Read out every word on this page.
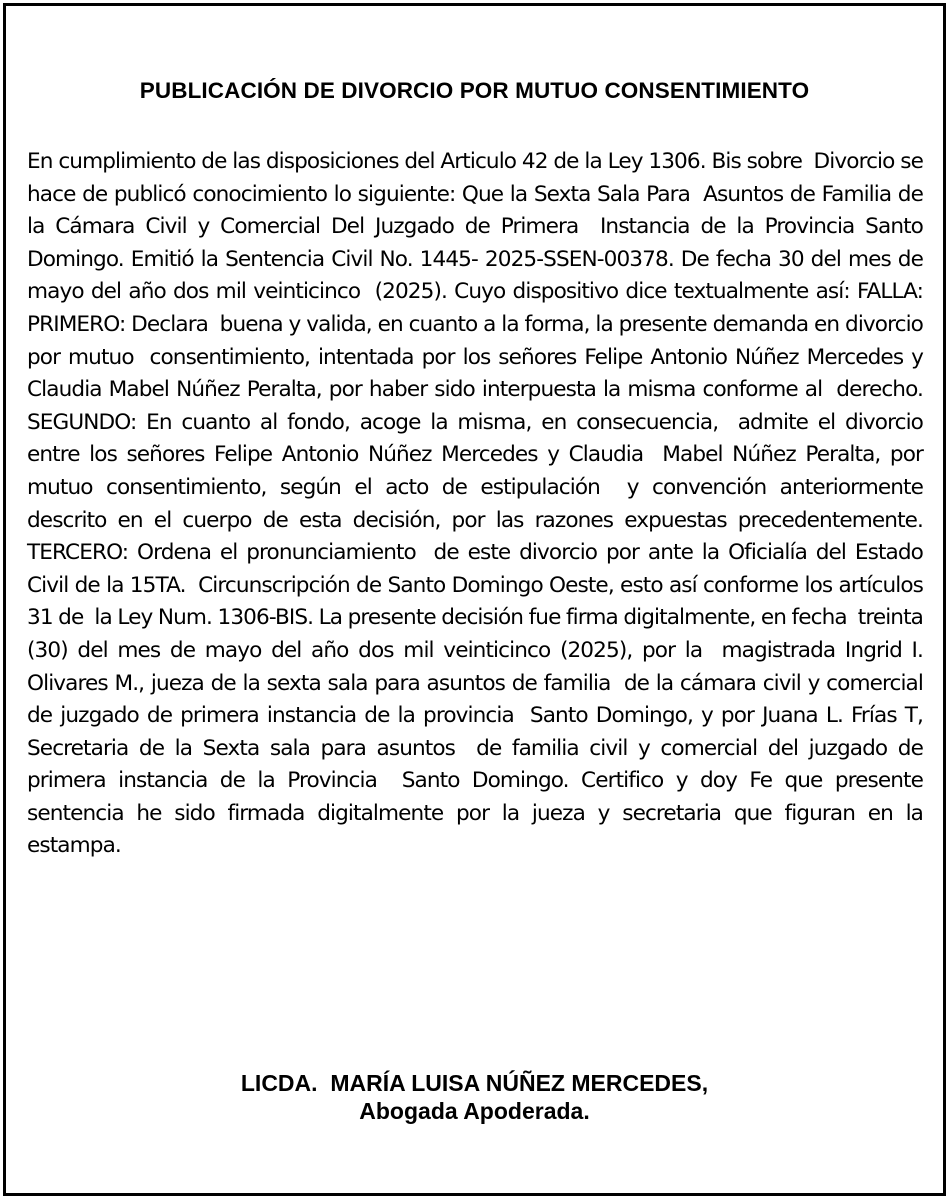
PUBLICACIÓN DE DIVORCIO POR MUTUO CONSENTIMIENTO
En cumplimiento de las disposiciones del Articulo 42 de la Ley 1306. Bis sobre  Divorcio se hace de publicó conocimiento lo siguiente: Que la Sexta Sala Para  Asuntos de Familia de la Cámara Civil y Comercial Del Juzgado de Primera  Instancia de la Provincia Santo Domingo. Emitió la Sentencia Civil No. 1445- 2025-SSEN-00378. De fecha 30 del mes de mayo del año dos mil veinticinco  (2025). Cuyo dispositivo dice textualmente así: FALLA: PRIMERO: Declara  buena y valida, en cuanto a la forma, la presente demanda en divorcio por mutuo  consentimiento, intentada por los señores Felipe Antonio Núñez Mercedes y Claudia Mabel Núñez Peralta, por haber sido interpuesta la misma conforme al  derecho. SEGUNDO: En cuanto al fondo, acoge la misma, en consecuencia,  admite el divorcio entre los señores Felipe Antonio Núñez Mercedes y Claudia  Mabel Núñez Peralta, por mutuo consentimiento, según el acto de estipulación  y convención anteriormente descrito en el cuerpo de esta decisión, por las razones expuestas precedentemente. TERCERO: Ordena el pronunciamiento  de este divorcio por ante la Oficialía del Estado Civil de la 15TA.  Circunscripción de Santo Domingo Oeste, esto así conforme los artículos 31 de  la Ley Num. 1306-BIS. La presente decisión fue firma digitalmente, en fecha  treinta (30) del mes de mayo del año dos mil veinticinco (2025), por la  magistrada Ingrid I. Olivares M., jueza de la sexta sala para asuntos de familia  de la cámara civil y comercial de juzgado de primera instancia de la provincia  Santo Domingo, y por Juana L. Frías T, Secretaria de la Sexta sala para asuntos  de familia civil y comercial del juzgado de primera instancia de la Provincia  Santo Domingo. Certifico y doy Fe que presente sentencia he sido firmada digitalmente por la jueza y secretaria que figuran en la estampa.
LICDA.  MARÍA LUISA NÚÑEZ MERCEDES,
Abogada Apoderada.
